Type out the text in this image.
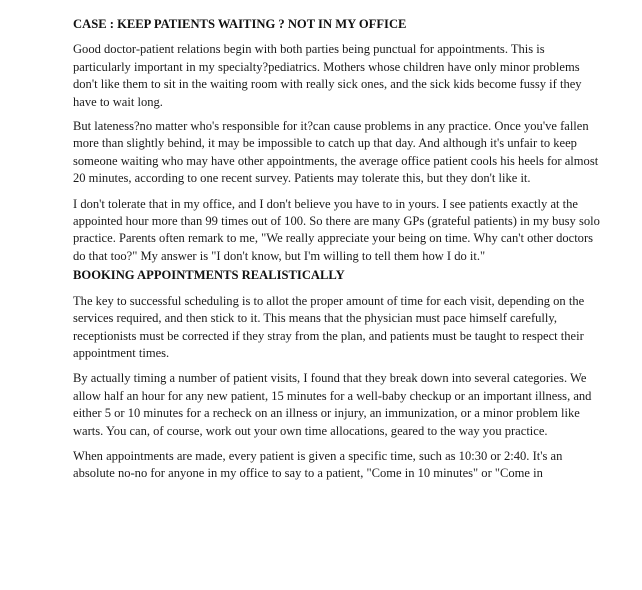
CASE : KEEP PATIENTS WAITING ? NOT IN MY OFFICE

Good doctor-patient relations begin with both parties being punctual for appointments. This is particularly important in my specialty?pediatrics. Mothers whose children have only minor problems don't like them to sit in the waiting room with really sick ones, and the sick kids become fussy if they have to wait long.

But lateness?no matter who's responsible for it?can cause problems in any practice. Once you've fallen more than slightly behind, it may be impossible to catch up that day. And although it's unfair to keep someone waiting who may have other appointments, the average office patient cools his heels for almost 20 minutes, according to one recent survey. Patients may tolerate this, but they don't like it.

I don't tolerate that in my office, and I don't believe you have to in yours. I see patients exactly at the appointed hour more than 99 times out of 100. So there are many GPs (grateful patients) in my busy solo practice. Parents often remark to me, "We really appreciate your being on time. Why can't other doctors do that too?" My answer is "I don't know, but I'm willing to tell them how I do it."

BOOKING APPOINTMENTS REALISTICALLY

The key to successful scheduling is to allot the proper amount of time for each visit, depending on the services required, and then stick to it. This means that the physician must pace himself carefully, receptionists must be corrected if they stray from the plan, and patients must be taught to respect their appointment times.

By actually timing a number of patient visits, I found that they break down into several categories. We allow half an hour for any new patient, 15 minutes for a well-baby checkup or an important illness, and either 5 or 10 minutes for a recheck on an illness or injury, an immunization, or a minor problem like warts. You can, of course, work out your own time allocations, geared to the way you practice.

When appointments are made, every patient is given a specific time, such as 10:30 or 2:40. It's an absolute no-no for anyone in my office to say to a patient, "Come in 10 minutes" or "Come in
